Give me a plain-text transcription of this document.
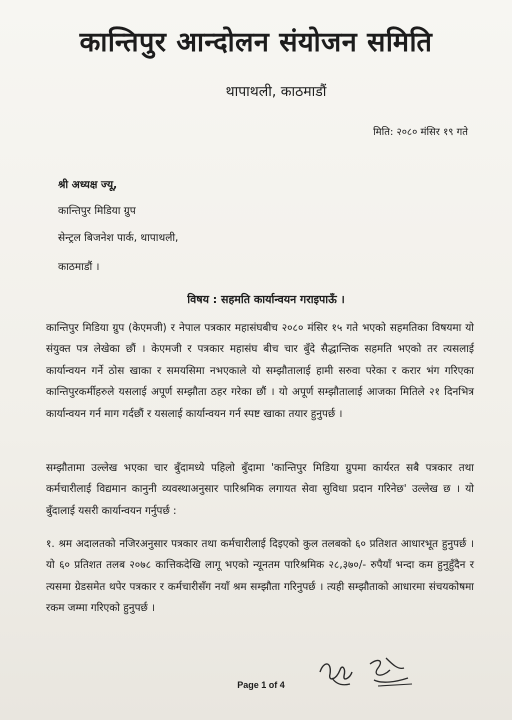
कान्तिपुर आन्दोलन संयोजन समिति
थापाथली, काठमाडौं
मिति: २०८० मंसिर १९ गते
श्री अध्यक्ष ज्यू,
कान्तिपुर मिडिया ग्रुप
सेन्ट्रल बिजनेश पार्क, थापाथली,
काठमाडौं ।
विषय : सहमति कार्यान्वयन गराइपाऊँ ।
कान्तिपुर मिडिया ग्रुप (केएमजी) र नेपाल पत्रकार महासंघबीच २०८० मंसिर १५ गते भएको सहमतिका विषयमा यो संयुक्त पत्र लेखेका छौं । केएमजी र पत्रकार महासंघ बीच चार बुँदे सैद्धान्तिक सहमति भएको तर त्यसलाई कार्यान्वयन गर्ने ठोस खाका र समयसिमा नभएकाले यो सम्झौतालाई हामी सरुवा परेका र करार भंग गरिएका कान्तिपुरकर्मीहरुले यसलाई अपूर्ण सम्झौता ठहर गरेका छौं । यो अपूर्ण सम्झौतालाई आजका मितिले २१ दिनभित्र कार्यान्वयन गर्न माग गर्दछौं र यसलाई कार्यान्वयन गर्न स्पष्ट खाका तयार हुनुपर्छ ।
सम्झौतामा उल्लेख भएका चार बुँदामध्ये पहिलो बुँदामा 'कान्तिपुर मिडिया ग्रुपमा कार्यरत सबै पत्रकार तथा कर्मचारीलाई विद्यमान कानुनी व्यवस्थाअनुसार पारिश्रमिक लगायत सेवा सुविधा प्रदान गरिनेछ' उल्लेख छ । यो बुँदालाई यसरी कार्यान्वयन गर्नुपर्छ :
१. श्रम अदालतको नजिरअनुसार पत्रकार तथा कर्मचारीलाई दिइएको कुल तलबको ६० प्रतिशत आधारभूत हुनुपर्छ । यो ६० प्रतिशत तलब २०७८ कात्तिकदेखि लागू भएको न्यूनतम पारिश्रमिक २८,३७०/- रुपैयाँ भन्दा कम हुनुहुँदैन र त्यसमा ग्रेडसमेत थपेर पत्रकार र कर्मचारीसँग नयाँ श्रम सम्झौता गरिनुपर्छ । त्यही सम्झौताको आधारमा संचयकोषमा रकम जम्मा गरिएको हुनुपर्छ ।
Page 1 of 4
